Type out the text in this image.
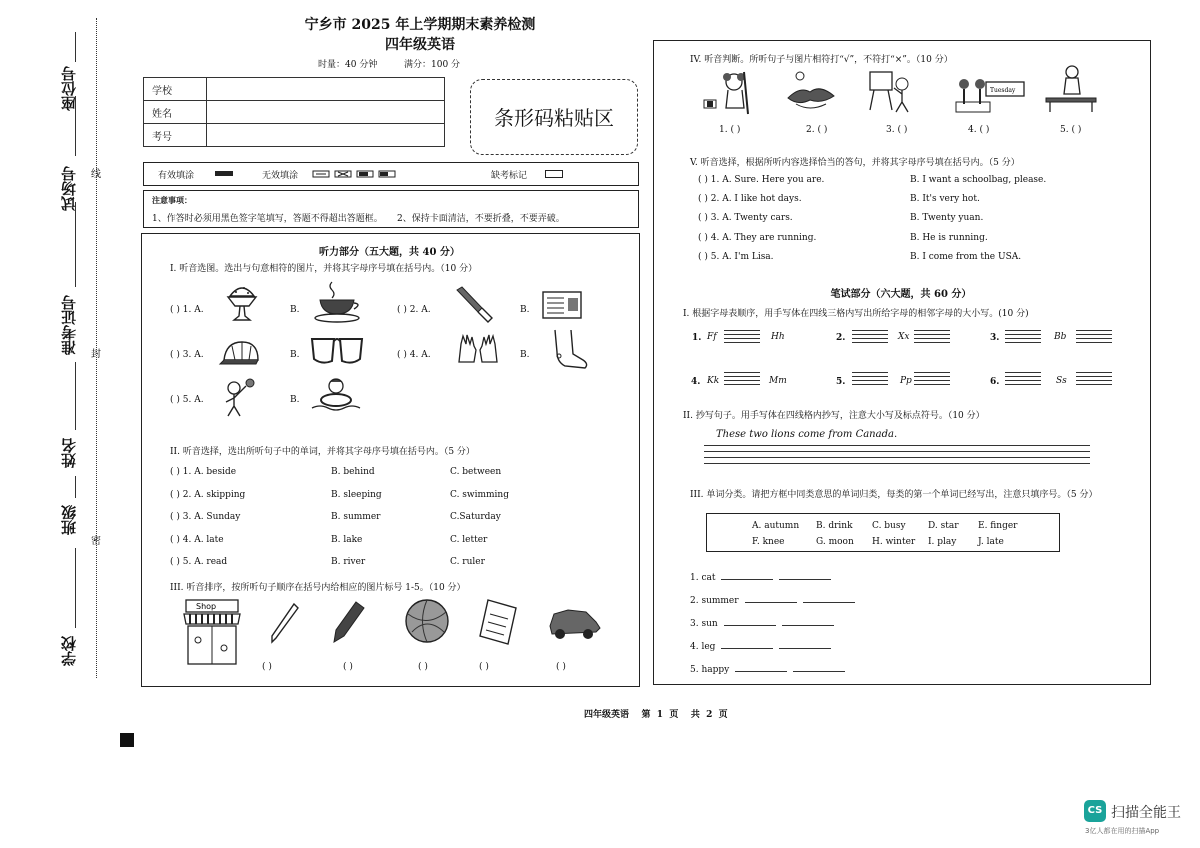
线
封
密
座位号
试场号
准考证号
姓名
班级
学校
宁乡市 2025 年上学期期末素养检测
四年级英语
时量：40 分钟	满分：100 分
学校	
姓名	
考号	
条形码粘贴区
有效填涂	无效填涂	缺考标记
注意事项：
1、作答时必须用黑色签字笔填写，答题不得超出答题框。     2、保持卡面清洁，不要折叠，不要弄破。
听力部分（五大题，共 40 分）
I. 听音选图。选出与句意相符的图片，并将其字母序号填在括号内。（10 分）
( ) 1. A.	B.	( ) 2. A.	B.
( ) 3. A.	B.	( ) 4. A.	B.
( ) 5. A.	B.
II. 听音选择，选出所听句子中的单词，并将其字母序号填在括号内。（5 分）
( ) 1. A. beside	B. behind	C. between
( ) 2. A. skipping	B. sleeping	C. swimming
( ) 3. A. Sunday	B. summer	C.Saturday
( ) 4. A. late	B. lake	C. letter
( ) 5. A. read	B. river	C. ruler
III. 听音排序，按所听句子顺序在括号内给相应的图片标号 1-5。（10 分）
Shop
( )	( )	( )	( )	( )
IV. 听音判断。所听句子与图片相符打“√”，不符打“×”。（10 分）
Tuesday
1. ( )	2. ( )	3. ( )	4. ( )	5. ( )
V. 听音选择，根据所听内容选择恰当的答句，并将其字母序号填在括号内。（5 分）
( ) 1. A. Sure. Here you are.	B. I want a schoolbag, please.
( ) 2. A. I like hot days.	B. It's very hot.
( ) 3. A. Twenty cars.	B. Twenty yuan.
( ) 4. A. They are running.	B. He is running.
( ) 5. A. I'm Lisa.	B. I come from the USA.
笔试部分（六大题，共 60 分）
I. 根据字母表顺序，用手写体在四线三格内写出所给字母的相邻字母的大小写。(10 分)
1. Ff	Hh	2.	Xx	3.	Bb
4. Kk	Mm	5.	Pp	6.	Ss
II. 抄写句子。用手写体在四线格内抄写，注意大小写及标点符号。（10 分）
These two lions come from Canada.
III. 单词分类。请把方框中同类意思的单词归类，每类的第一个单词已经写出，注意只填序号。（5 分）
A. autumn B. drink C. busy D. star E. finger
F. knee	G. moon H. winter I. play J. late
1. cat
2. summer
3. sun
4. leg
5. happy
四年级英语    第  1  页    共  2  页
CS 扫描全能王
3亿人都在用的扫描App
